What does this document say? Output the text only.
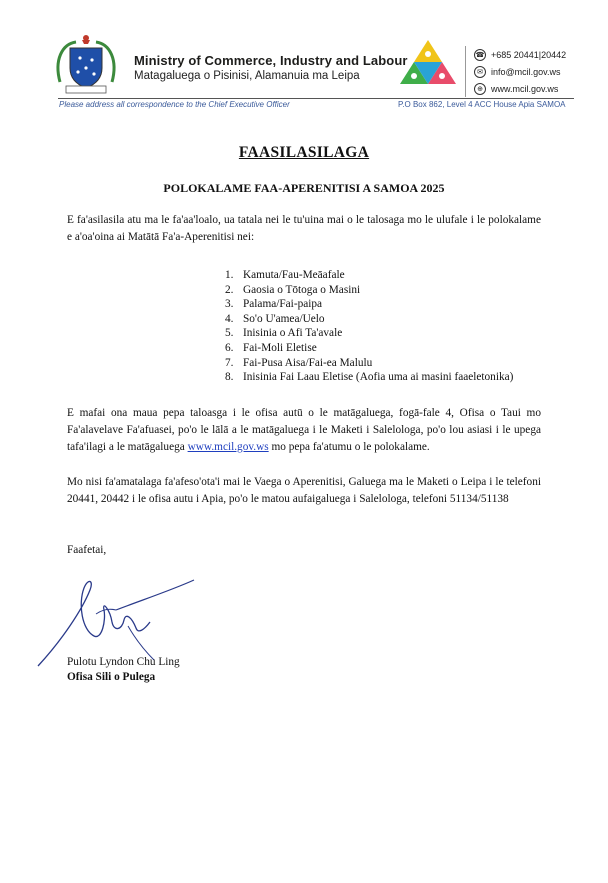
Ministry of Commerce, Industry and Labour
Matagaluega o Pisinisi, Alamanuia ma Leipa
☎ +685 20441|20442
✉ info@mcil.gov.ws
⊕ www.mcil.gov.ws
Please address all correspondence to the Chief Executive Officer	P.O Box 862, Level 4 ACC House Apia SAMOA
FAASILASILAGA
POLOKALAME FAA-APERENITISI A SAMOA 2025
E fa'asilasila atu ma le fa'aa'loalo, ua tatala nei le tu'uina mai o le talosaga mo le ulufale i le polokalame e a'oa'oina ai Matātā Fa'a-Aperenitisi nei:
1. Kamuta/Fau-Meāafale
2. Gaosia o Tōtoga o Masini
3. Palama/Fai-paipa
4. So'o U'amea/Uelo
5. Inisinia o Afi Ta'avale
6. Fai-Moli Eletise
7. Fai-Pusa Aisa/Fai-ea Malulu
8. Inisinia Fai Laau Eletise (Aofia uma ai masini faaeletonika)
E mafai ona maua pepa taloasga i le ofisa autū o le matāgaluega, fogā-fale 4, Ofisa o Taui mo Fa'alavelave Fa'afuasei, po'o le lālā a le matāgaluega i le Maketi i Salelologa, po'o lou asiasi i le upega tafa'ilagi a le matāgaluega www.mcil.gov.ws mo pepa fa'atumu o le polokalame.
Mo nisi fa'amatalaga fa'afeso'ota'i mai le Vaega o Aperenitisi, Galuega ma le Maketi o Leipa i le telefoni 20441, 20442 i le ofisa autu i Apia, po'o le matou aufaigaluega i Salelologa, telefoni 51134/51138
Faafetai,
Pulotu Lyndon Chu Ling
Ofisa Sili o Pulega
